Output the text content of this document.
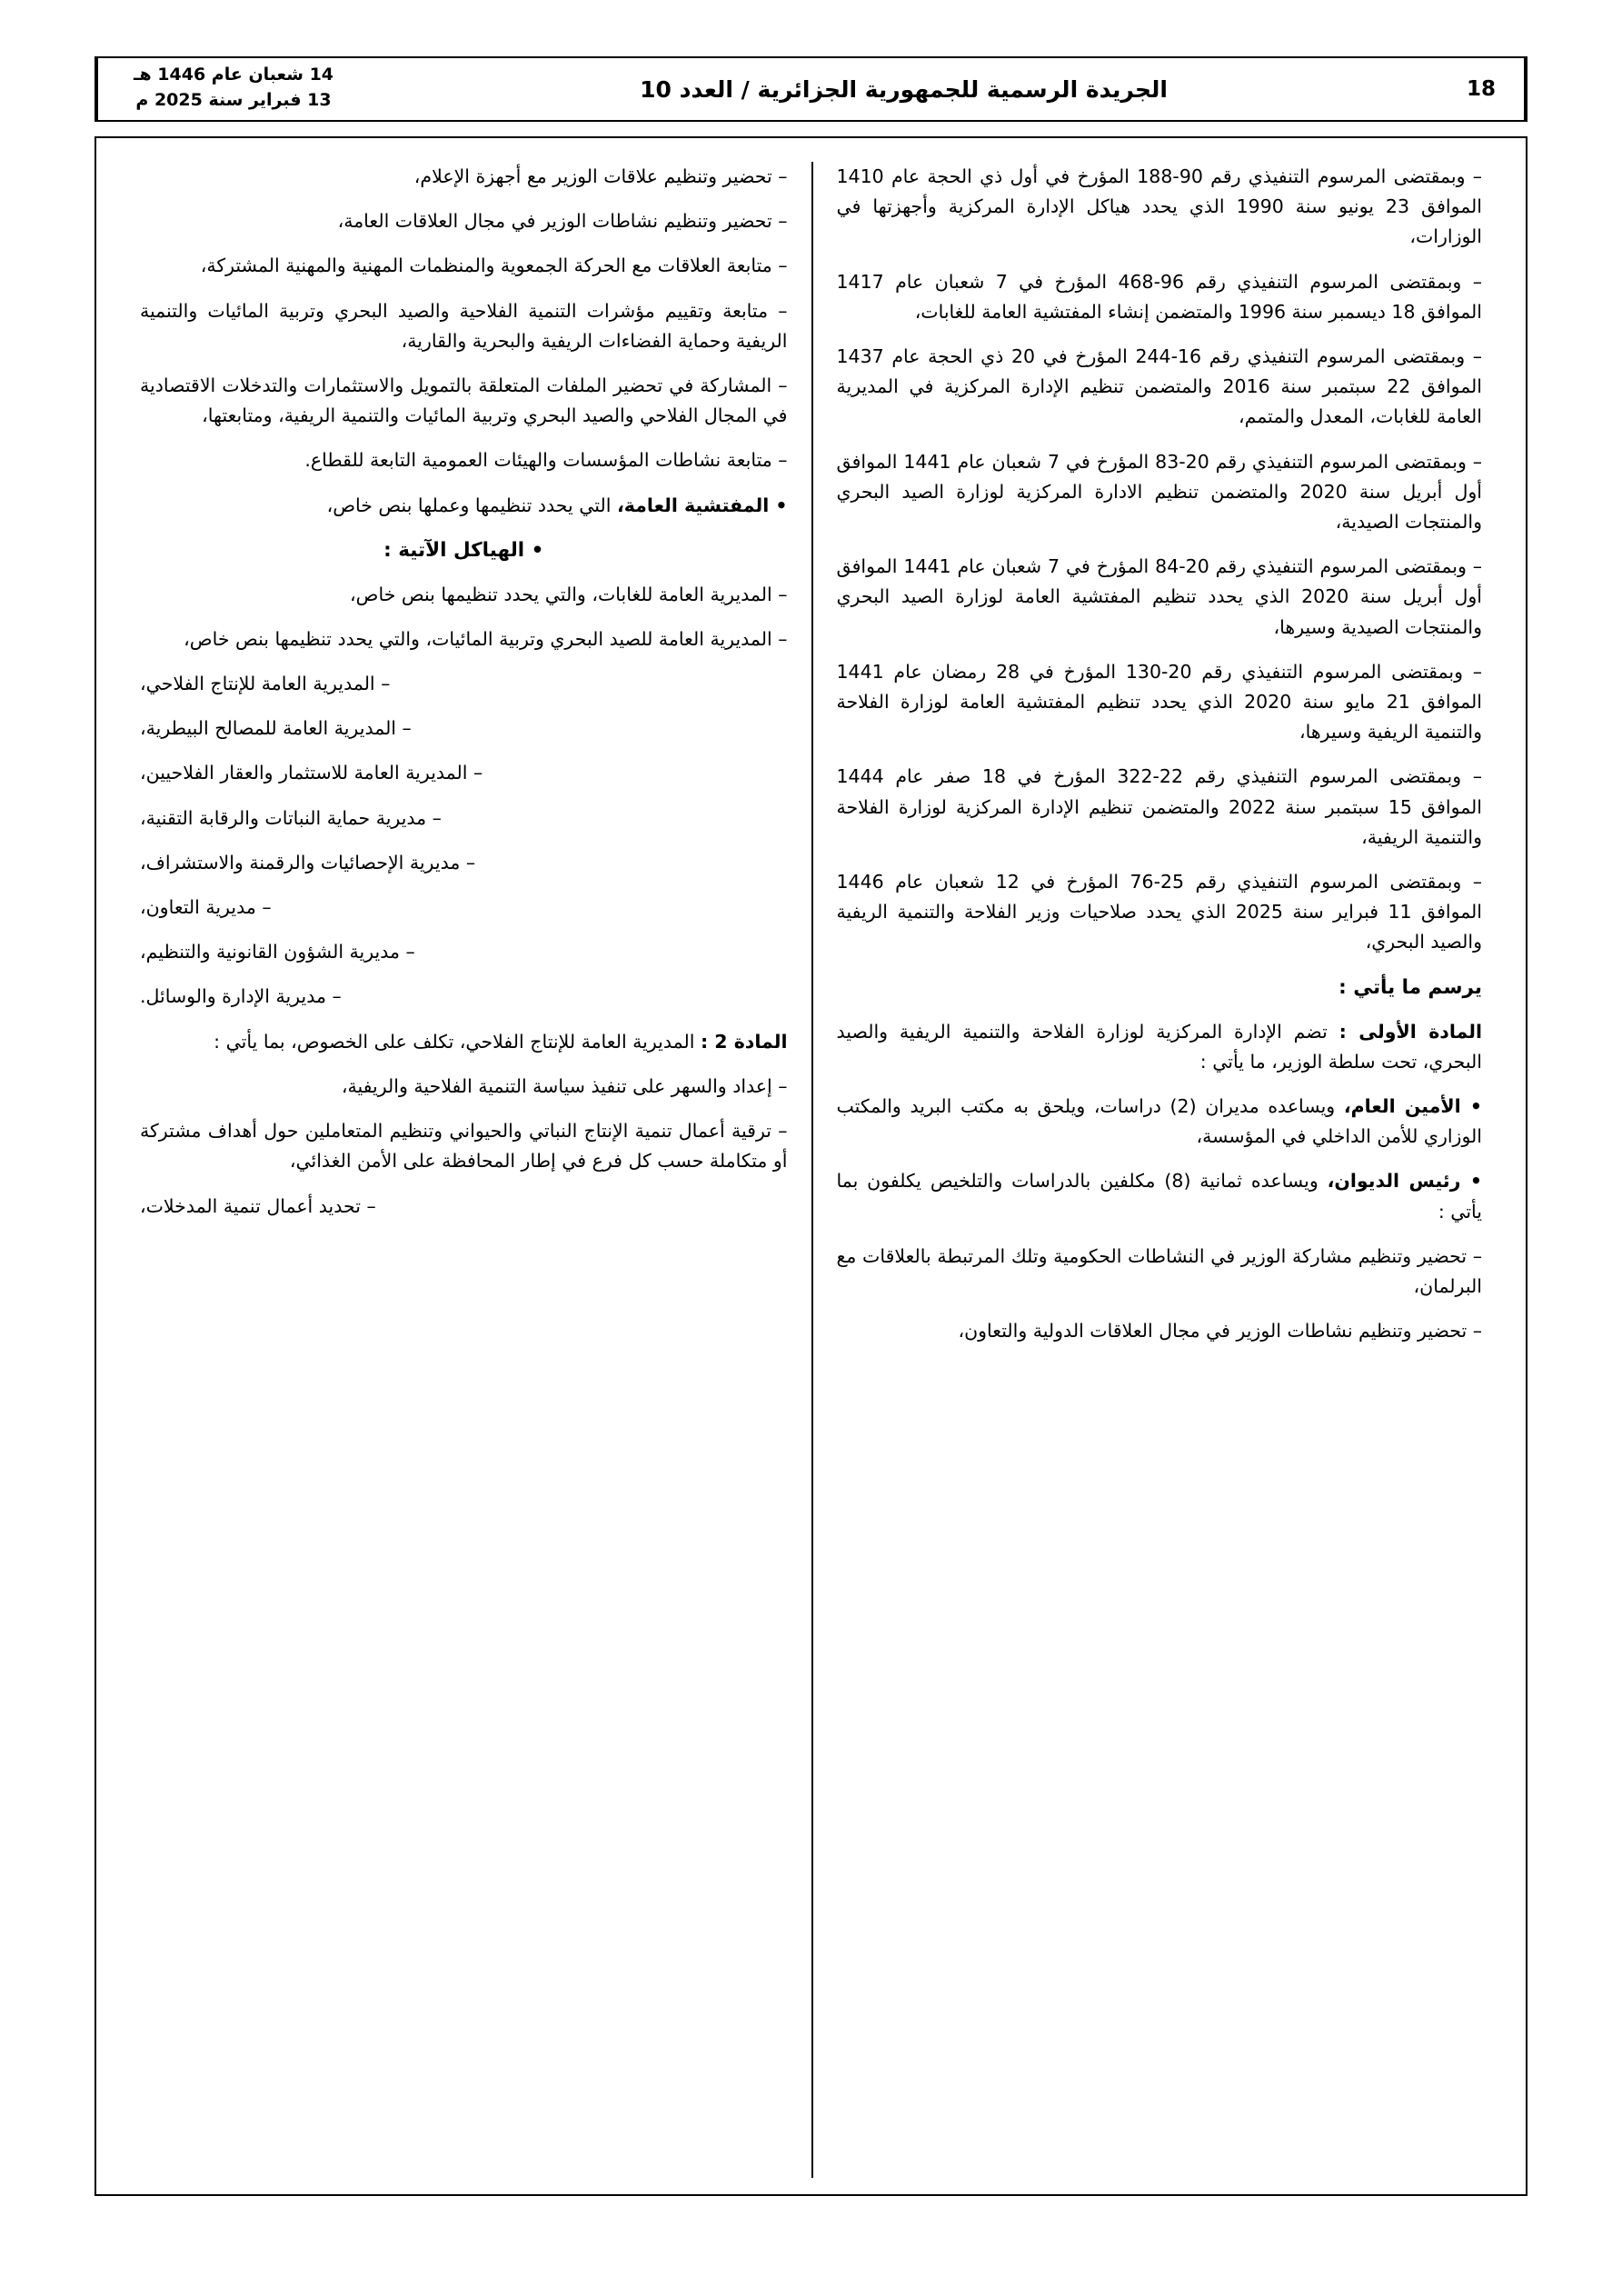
18
الجريدة الرسمية للجمهورية الجزائرية / العدد 10
14 شعبان عام 1446 هـ
13 فبراير سنة 2025 م

– وبمقتضى المرسوم التنفيذي رقم 90-188 المؤرخ في أول ذي الحجة عام 1410 الموافق 23 يونيو سنة 1990 الذي يحدد هياكل الإدارة المركزية وأجهزتها في الوزارات،

– وبمقتضى المرسوم التنفيذي رقم 96-468 المؤرخ في 7 شعبان عام 1417 الموافق 18 ديسمبر سنة 1996 والمتضمن إنشاء المفتشية العامة للغابات،

– وبمقتضى المرسوم التنفيذي رقم 16-244 المؤرخ في 20 ذي الحجة عام 1437 الموافق 22 سبتمبر سنة 2016 والمتضمن تنظيم الإدارة المركزية في المديرية العامة للغابات، المعدل والمتمم،

– وبمقتضى المرسوم التنفيذي رقم 20-83 المؤرخ في 7 شعبان عام 1441 الموافق أول أبريل سنة 2020 والمتضمن تنظيم الادارة المركزية لوزارة الصيد البحري والمنتجات الصيدية،

– وبمقتضى المرسوم التنفيذي رقم 20-84 المؤرخ في 7 شعبان عام 1441 الموافق أول أبريل سنة 2020 الذي يحدد تنظيم المفتشية العامة لوزارة الصيد البحري والمنتجات الصيدية وسيرها،

– وبمقتضى المرسوم التنفيذي رقم 20-130 المؤرخ في 28 رمضان عام 1441 الموافق 21 مايو سنة 2020 الذي يحدد تنظيم المفتشية العامة لوزارة الفلاحة والتنمية الريفية وسيرها،

– وبمقتضى المرسوم التنفيذي رقم 22-322 المؤرخ في 18 صفر عام 1444 الموافق 15 سبتمبر سنة 2022 والمتضمن تنظيم الإدارة المركزية لوزارة الفلاحة والتنمية الريفية،

– وبمقتضى المرسوم التنفيذي رقم 25-76 المؤرخ في 12 شعبان عام 1446 الموافق 11 فبراير سنة 2025 الذي يحدد صلاحيات وزير الفلاحة والتنمية الريفية والصيد البحري،

يرسم ما يأتي :

المادة الأولى : تضم الإدارة المركزية لوزارة الفلاحة والتنمية الريفية والصيد البحري، تحت سلطة الوزير، ما يأتي :

• الأمين العام، ويساعده مديران (2) دراسات، ويلحق به مكتب البريد والمكتب الوزاري للأمن الداخلي في المؤسسة،

• رئيس الديوان، ويساعده ثمانية (8) مكلفين بالدراسات والتلخيص يكلفون بما يأتي :

– تحضير وتنظيم مشاركة الوزير في النشاطات الحكومية وتلك المرتبطة بالعلاقات مع البرلمان،

– تحضير وتنظيم نشاطات الوزير في مجال العلاقات الدولية والتعاون،

– تحضير وتنظيم علاقات الوزير مع أجهزة الإعلام،

– تحضير وتنظيم نشاطات الوزير في مجال العلاقات العامة،

– متابعة العلاقات مع الحركة الجمعوية والمنظمات المهنية والمهنية المشتركة،

– متابعة وتقييم مؤشرات التنمية الفلاحية والصيد البحري وتربية المائيات والتنمية الريفية وحماية الفضاءات الريفية والبحرية والقارية،

– المشاركة في تحضير الملفات المتعلقة بالتمويل والاستثمارات والتدخلات الاقتصادية في المجال الفلاحي والصيد البحري وتربية المائيات والتنمية الريفية، ومتابعتها،

– متابعة نشاطات المؤسسات والهيئات العمومية التابعة للقطاع.

• المفتشية العامة، التي يحدد تنظيمها وعملها بنص خاص،

• الهياكل الآتية :

– المديرية العامة للغابات، والتي يحدد تنظيمها بنص خاص،

– المديرية العامة للصيد البحري وتربية المائيات، والتي يحدد تنظيمها بنص خاص،

– المديرية العامة للإنتاج الفلاحي،

– المديرية العامة للمصالح البيطرية،

– المديرية العامة للاستثمار والعقار الفلاحيين،

– مديرية حماية النباتات والرقابة التقنية،

– مديرية الإحصائيات والرقمنة والاستشراف،

– مديرية التعاون،

– مديرية الشؤون القانونية والتنظيم،

– مديرية الإدارة والوسائل.

المادة 2 : المديرية العامة للإنتاج الفلاحي، تكلف على الخصوص، بما يأتي :

– إعداد والسهر على تنفيذ سياسة التنمية الفلاحية والريفية،

– ترقية أعمال تنمية الإنتاج النباتي والحيواني وتنظيم المتعاملين حول أهداف مشتركة أو متكاملة حسب كل فرع في إطار المحافظة على الأمن الغذائي،

– تحديد أعمال تنمية المدخلات،
